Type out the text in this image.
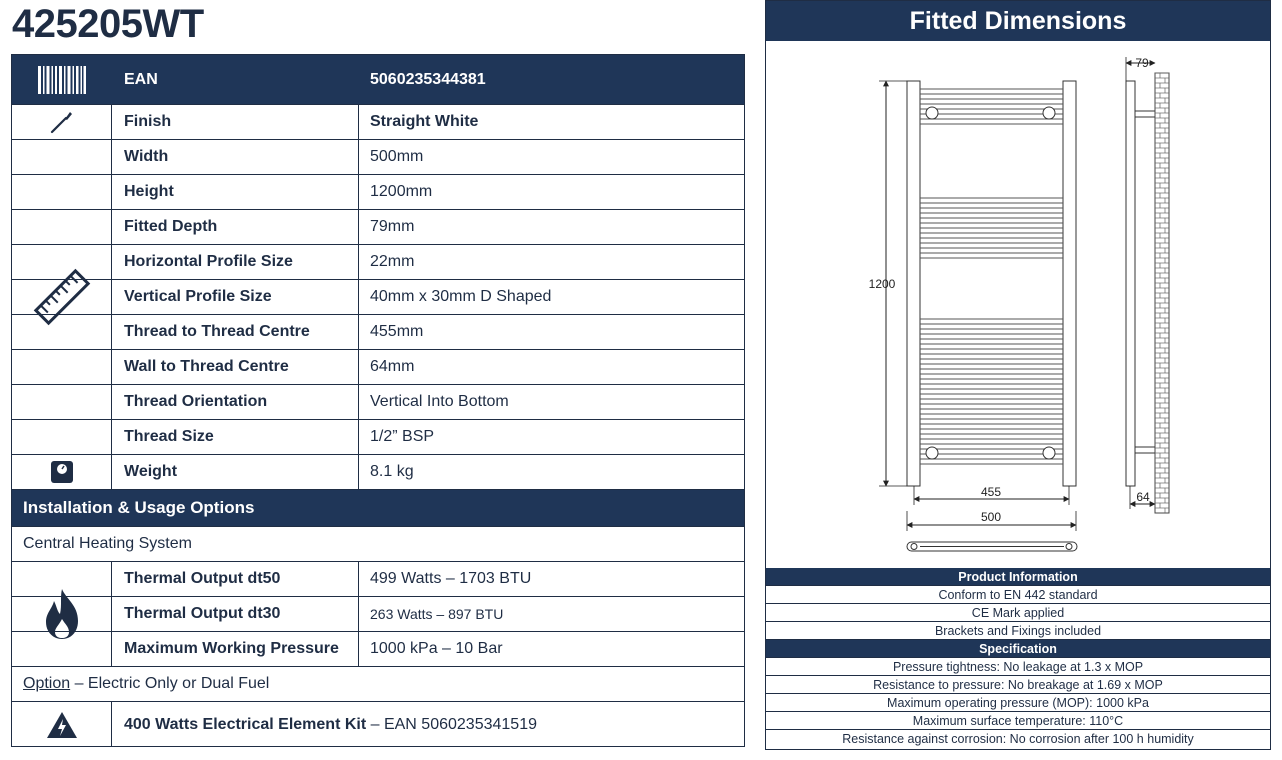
425205WT
EAN	5060235344381
Finish	Straight White
Width	500mm
Height	1200mm
Fitted Depth	79mm
Horizontal Profile Size	22mm
Vertical Profile Size	40mm x 30mm D Shaped
Thread to Thread Centre	455mm
Wall to Thread Centre	64mm
Thread Orientation	Vertical Into Bottom
Thread Size	1/2” BSP
Weight	8.1 kg
Installation & Usage Options
Central Heating System
Thermal Output dt50	499 Watts – 1703 BTU
Thermal Output dt30	263 Watts – 897 BTU
Maximum Working Pressure	1000 kPa – 10 Bar
Option – Electric Only or Dual Fuel
400 Watts Electrical Element Kit – EAN 5060235341519
Fitted Dimensions
1200
455
500
79
64
Product Information
Conform to EN 442 standard
CE Mark applied
Brackets and Fixings included
Specification
Pressure tightness: No leakage at 1.3 x MOP
Resistance to pressure: No breakage at 1.69 x MOP
Maximum operating pressure (MOP): 1000 kPa
Maximum surface temperature: 110°C
Resistance against corrosion: No corrosion after 100 h humidity
